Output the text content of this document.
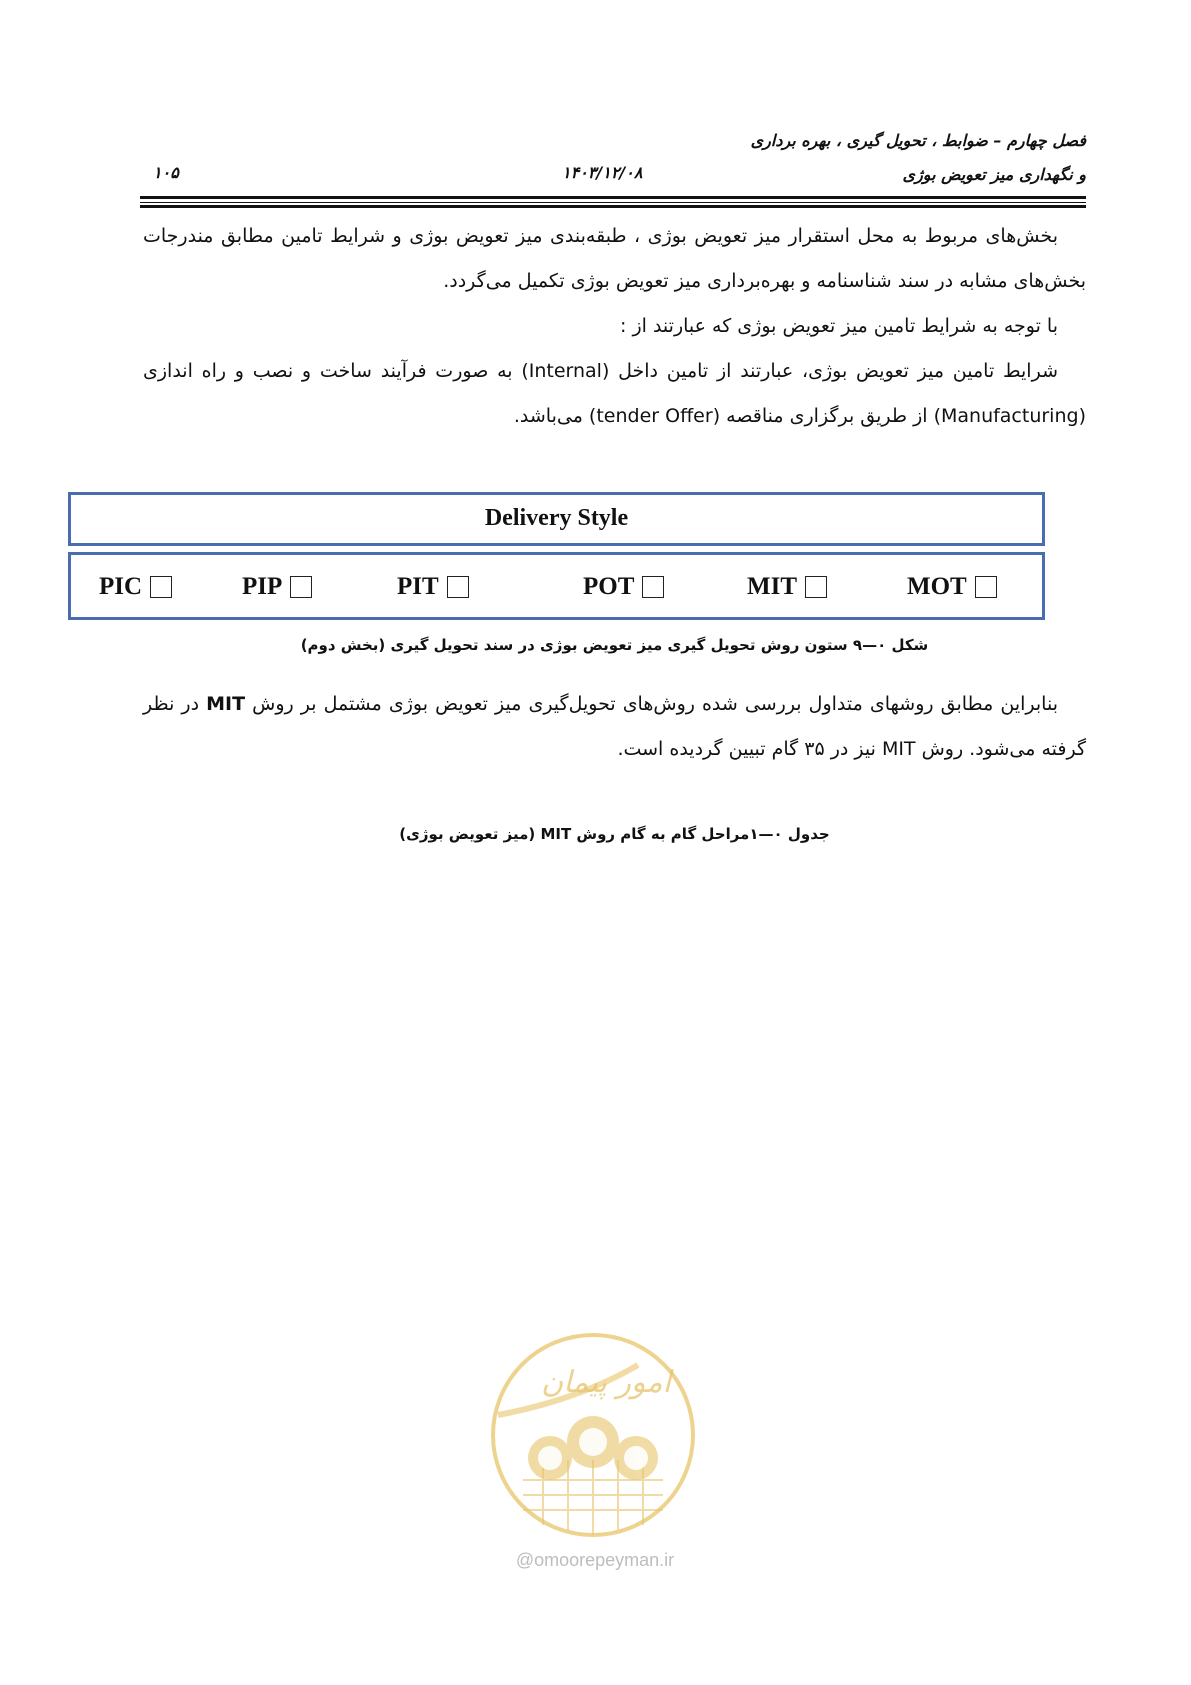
فصل چهارم – ضوابط ، تحویل گیری ، بهره برداری
و نگهداری میز تعویض بوژی
۱۴۰۳/۱۲/۰۸
۱۰۵
بخش‌های مربوط به محل استقرار میز تعویض بوژی ، طبقه‌بندی میز تعویض بوژی و شرایط تامین مطابق مندرجات بخش‌های مشابه در سند شناسنامه و بهره‌برداری میز تعویض بوژی تکمیل می‌گردد.
با توجه به شرایط تامین میز تعویض بوژی که عبارتند از :
شرایط تامین میز تعویض بوژی، عبارتند از تامین داخل (Internal) به صورت فرآیند ساخت و نصب و راه اندازی (Manufacturing) از طریق برگزاری مناقصه (tender Offer) می‌باشد.
Delivery Style
PIC	PIP	PIT	POT	MIT	MOT
شکل ۰—۹ ستون روش تحویل گیری میز تعویض بوژی در سند تحویل گیری (بخش دوم)
بنابراین مطابق روشهای متداول بررسی شده روش‌های تحویل‌گیری میز تعویض بوژی مشتمل بر روش MIT در نظر گرفته می‌شود. روش MIT نیز در ۳۵ گام تبیین گردیده است.
جدول ۰—۱مراحل گام به گام روش MIT (میز تعویض بوژی)
امور پیمان
@omoorepeyman.ir
